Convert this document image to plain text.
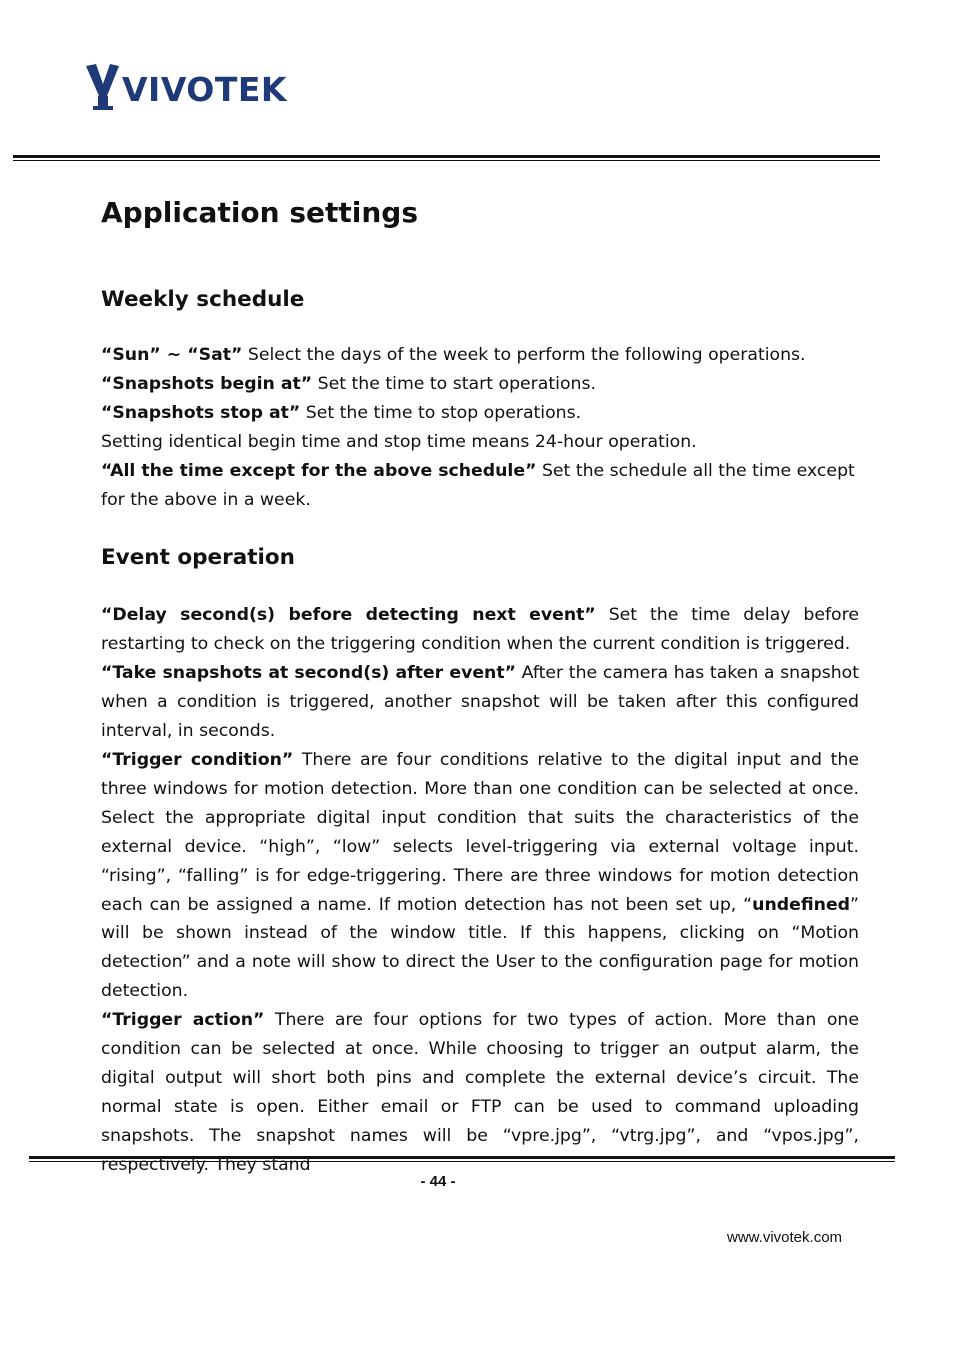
VIVOTEK
Application settings
Weekly schedule

“Sun” ~ “Sat” Select the days of the week to perform the following operations.

“Snapshots begin at” Set the time to start operations.

“Snapshots stop at” Set the time to stop operations.

Setting identical begin time and stop time means 24-hour operation.

“All the time except for the above schedule” Set the schedule all the time except for the above in a week.

Event operation

“Delay second(s) before detecting next event” Set the time delay before restarting to check on the triggering condition when the current condition is triggered.

“Take snapshots at second(s) after event” After the camera has taken a snapshot when a condition is triggered, another snapshot will be taken after this configured interval, in seconds.

“Trigger condition” There are four conditions relative to the digital input and the three windows for motion detection. More than one condition can be selected at once. Select the appropriate digital input condition that suits the characteristics of the external device. “high”, “low” selects level-triggering via external voltage input. “rising”, “falling” is for edge-triggering. There are three windows for motion detection each can be assigned a name. If motion detection has not been set up, “undefined” will be shown instead of the window title. If this happens, clicking on “Motion detection” and a note will show to direct the User to the configuration page for motion detection.

“Trigger action” There are four options for two types of action. More than one condition can be selected at once. While choosing to trigger an output alarm, the digital output will short both pins and complete the external device’s circuit. The normal state is open. Either email or FTP can be used to command uploading snapshots. The snapshot names will be “vpre.jpg”, “vtrg.jpg”, and “vpos.jpg”, respectively. They stand

- 44 -
www.vivotek.com
